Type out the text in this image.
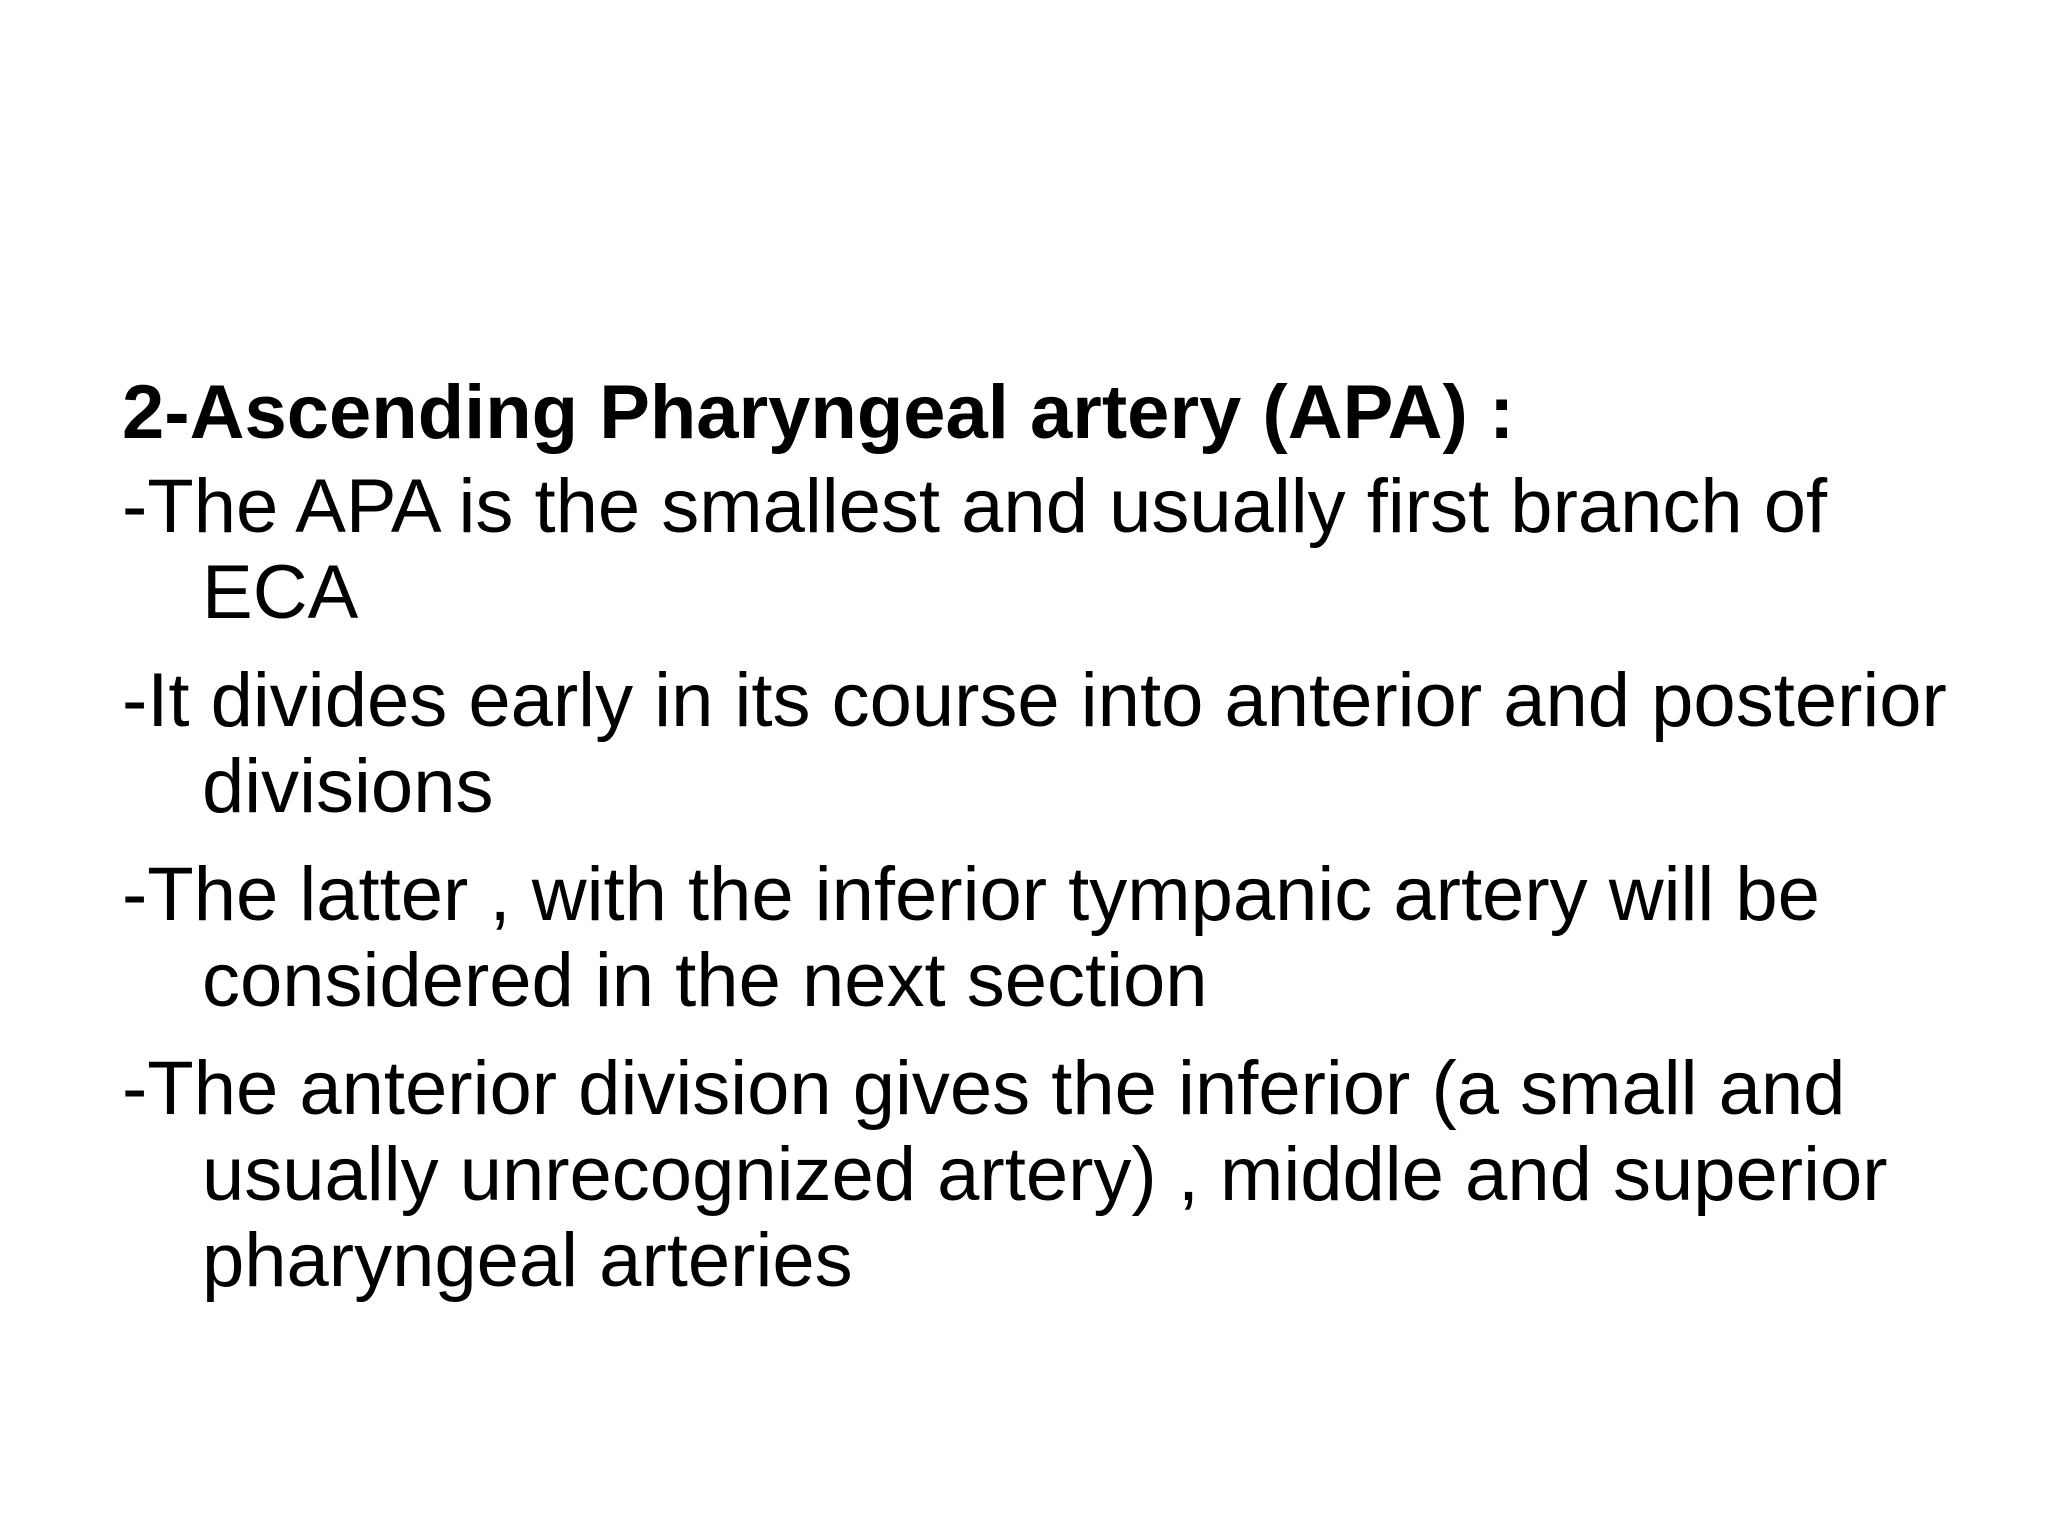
2-Ascending Pharyngeal artery (APA) :
-The APA is the smallest and usually first branch of ECA
-It divides early in its course into anterior and posterior divisions
-The latter , with the inferior tympanic artery will be considered in the next section
-The anterior division gives the inferior (a small and usually unrecognized artery) , middle and superior pharyngeal arteries
